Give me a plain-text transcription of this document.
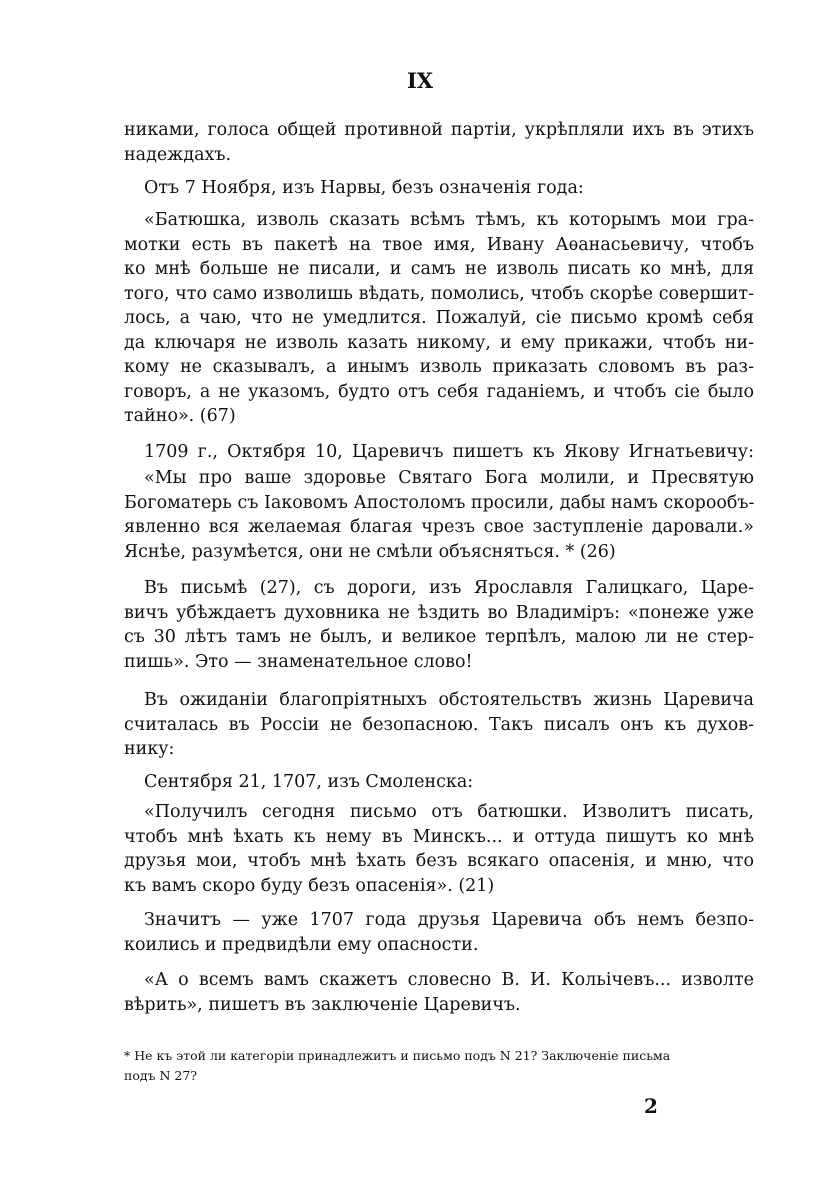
IX
никами, голоса общей противной партіи, укрѣпляли ихъ въ этихъ
надеждахъ.
Отъ 7 Ноября, изъ Нарвы, безъ означенія года:
«Батюшка, изволь сказать всѣмъ тѣмъ, къ которымъ мои гра-
мотки есть въ пакетѣ на твое имя, Ивану Аѳанасьевичу, чтобъ
ко мнѣ больше не писали, и самъ не изволь писать ко мнѣ, для
того, что само изволишь вѣдать, помолись, чтобъ скорѣе совершит-
лось, а чаю, что не умедлится. Пожалуй, сіе письмо кромѣ себя
да ключаря не изволь казать никому, и ему прикажи, чтобъ ни-
кому не сказывалъ, а инымъ изволь приказать словомъ въ раз-
говоръ, а не указомъ, будто отъ себя гаданіемъ, и чтобъ сіе было
тайно». (67)
1709 г., Октября 10, Царевичъ пишетъ къ Якову Игнатьевичу:
«Мы про ваше здоровье Святаго Бога молили, и Пресвятую
Богоматерь съ Іаковомъ Апостоломъ просили, дабы намъ скорообъ-
явленно вся желаемая благая чрезъ свое заступленіе даровали.»
Яснѣе, разумѣется, они не смѣли объясняться. * (26)
Въ письмѣ (27), съ дороги, изъ Ярославля Галицкаго, Царе-
вичъ убѣждаетъ духовника не ѣздить во Владиміръ: «понеже уже
съ 30 лѣтъ тамъ не былъ, и великое терпѣлъ, малою ли не стер-
пишь». Это — знаменательное слово!
Въ ожиданіи благопріятныхъ обстоятельствъ жизнь Царевича
считалась въ Россіи не безопасною. Такъ писалъ онъ къ духов-
нику:
Сентября 21, 1707, изъ Смоленска:
«Получилъ сегодня письмо отъ батюшки. Изволитъ писать,
чтобъ мнѣ ѣхать къ нему въ Минскъ... и оттуда пишутъ ко мнѣ
друзья мои, чтобъ мнѣ ѣхать безъ всякаго опасенія, и мню, что
къ вамъ скоро буду безъ опасенія». (21)
Значитъ — уже 1707 года друзья Царевича объ немъ безпо-
коились и предвидѣли ему опасности.
«А о всемъ вамъ скажетъ словесно В. И. Кольічевъ... изволте
вѣрить», пишетъ въ заключеніе Царевичъ.
* Не къ этой ли категоріи принадлежитъ и письмо подъ N 21? Заключеніе письма
подъ N 27?
2
